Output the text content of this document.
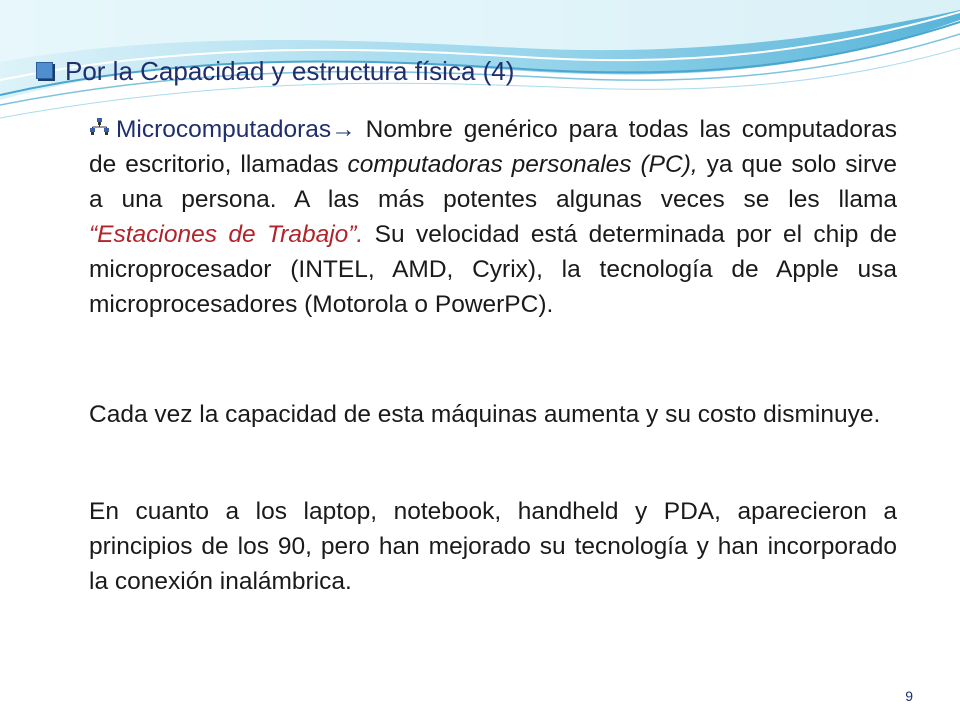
Por la Capacidad y estructura física (4)
Microcomputadoras→ Nombre genérico para todas las computadoras de escritorio, llamadas computadoras personales (PC), ya que solo sirve a una persona. A las más potentes algunas veces se les llama “Estaciones de Trabajo”. Su velocidad está determinada por el chip de microprocesador (INTEL, AMD, Cyrix), la tecnología de Apple usa microprocesadores (Motorola o PowerPC).
Cada vez la capacidad de esta máquinas aumenta y su costo disminuye.
En cuanto a los laptop, notebook, handheld y PDA, aparecieron a principios de los 90, pero han mejorado su tecnología y han incorporado la conexión inalámbrica.
9
